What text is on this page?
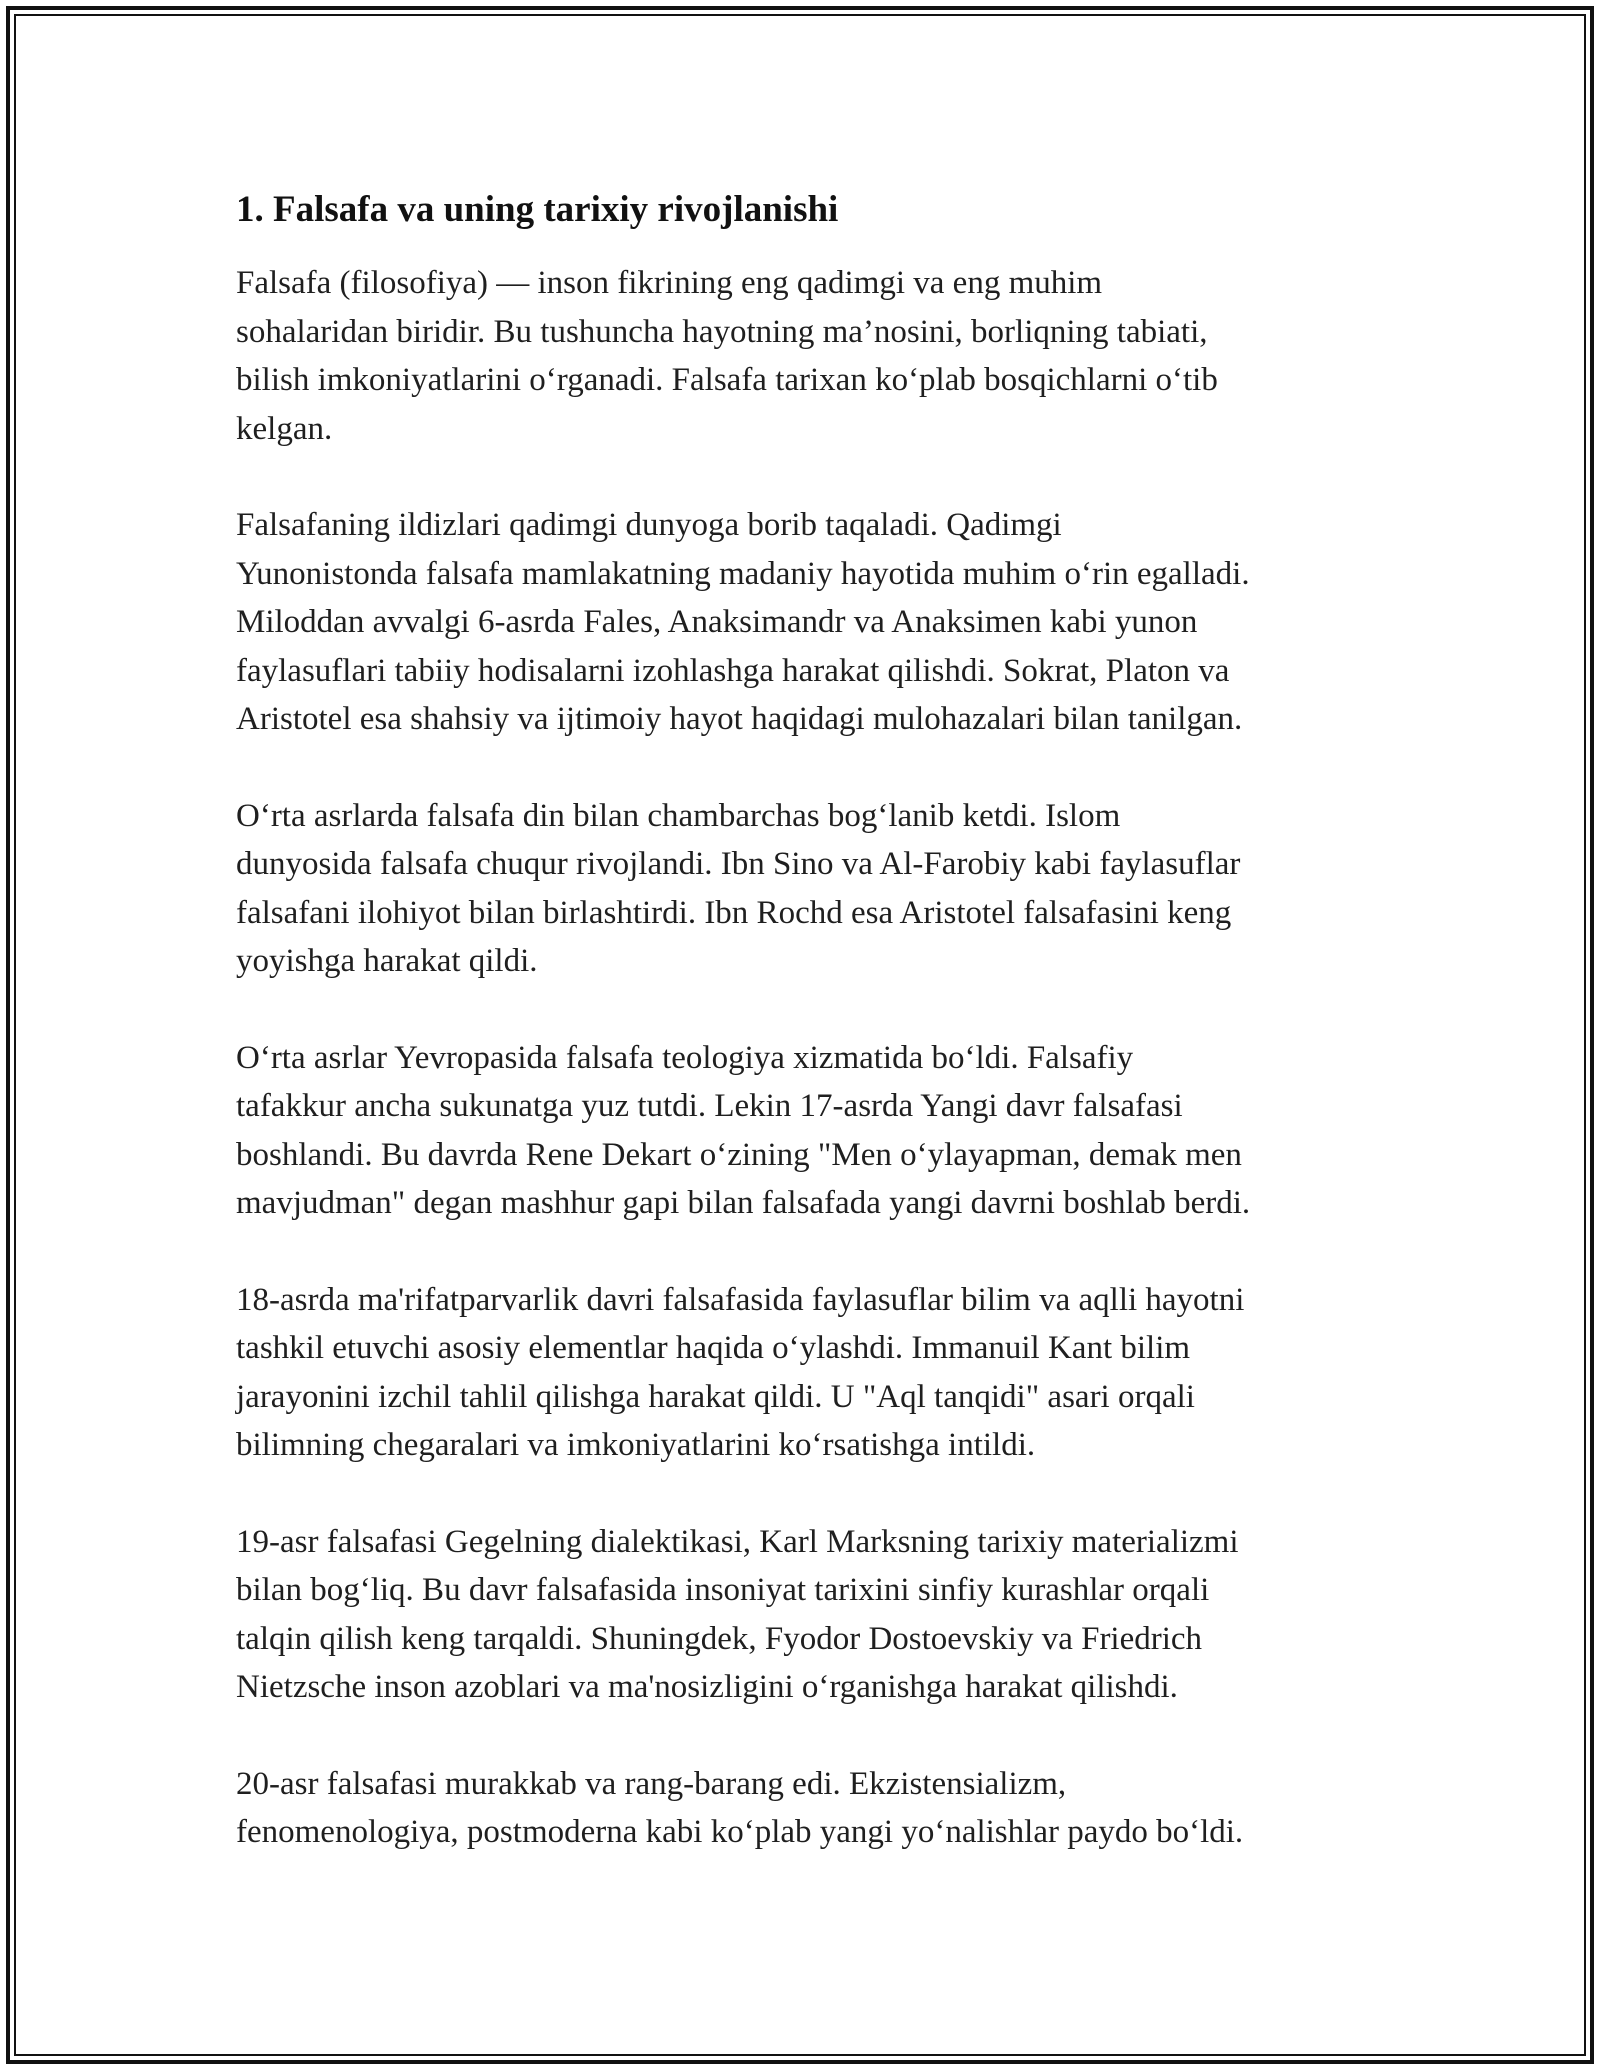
1. Falsafa va uning tarixiy rivojlanishi

Falsafa (filosofiya) — inson fikrining eng qadimgi va eng muhim
sohalaridan biridir. Bu tushuncha hayotning ma’nosini, borliqning tabiati,
bilish imkoniyatlarini o‘rganadi. Falsafa tarixan ko‘plab bosqichlarni o‘tib
kelgan.

Falsafaning ildizlari qadimgi dunyoga borib taqaladi. Qadimgi
Yunonistonda falsafa mamlakatning madaniy hayotida muhim o‘rin egalladi.
Miloddan avvalgi 6-asrda Fales, Anaksimandr va Anaksimen kabi yunon
faylasuflari tabiiy hodisalarni izohlashga harakat qilishdi. Sokrat, Platon va
Aristotel esa shahsiy va ijtimoiy hayot haqidagi mulohazalari bilan tanilgan.

O‘rta asrlarda falsafa din bilan chambarchas bog‘lanib ketdi. Islom
dunyosida falsafa chuqur rivojlandi. Ibn Sino va Al-Farobiy kabi faylasuflar
falsafani ilohiyot bilan birlashtirdi. Ibn Rochd esa Aristotel falsafasini keng
yoyishga harakat qildi.

O‘rta asrlar Yevropasida falsafa teologiya xizmatida bo‘ldi. Falsafiy
tafakkur ancha sukunatga yuz tutdi. Lekin 17-asrda Yangi davr falsafasi
boshlandi. Bu davrda Rene Dekart o‘zining "Men o‘ylayapman, demak men
mavjudman" degan mashhur gapi bilan falsafada yangi davrni boshlab berdi.

18-asrda ma'rifatparvarlik davri falsafasida faylasuflar bilim va aqlli hayotni
tashkil etuvchi asosiy elementlar haqida o‘ylashdi. Immanuil Kant bilim
jarayonini izchil tahlil qilishga harakat qildi. U "Aql tanqidi" asari orqali
bilimning chegaralari va imkoniyatlarini ko‘rsatishga intildi.

19-asr falsafasi Gegelning dialektikasi, Karl Marksning tarixiy materializmi
bilan bog‘liq. Bu davr falsafasida insoniyat tarixini sinfiy kurashlar orqali
talqin qilish keng tarqaldi. Shuningdek, Fyodor Dostoevskiy va Friedrich
Nietzsche inson azoblari va ma'nosizligini o‘rganishga harakat qilishdi.

20-asr falsafasi murakkab va rang-barang edi. Ekzistensializm,
fenomenologiya, postmoderna kabi ko‘plab yangi yo‘nalishlar paydo bo‘ldi.
